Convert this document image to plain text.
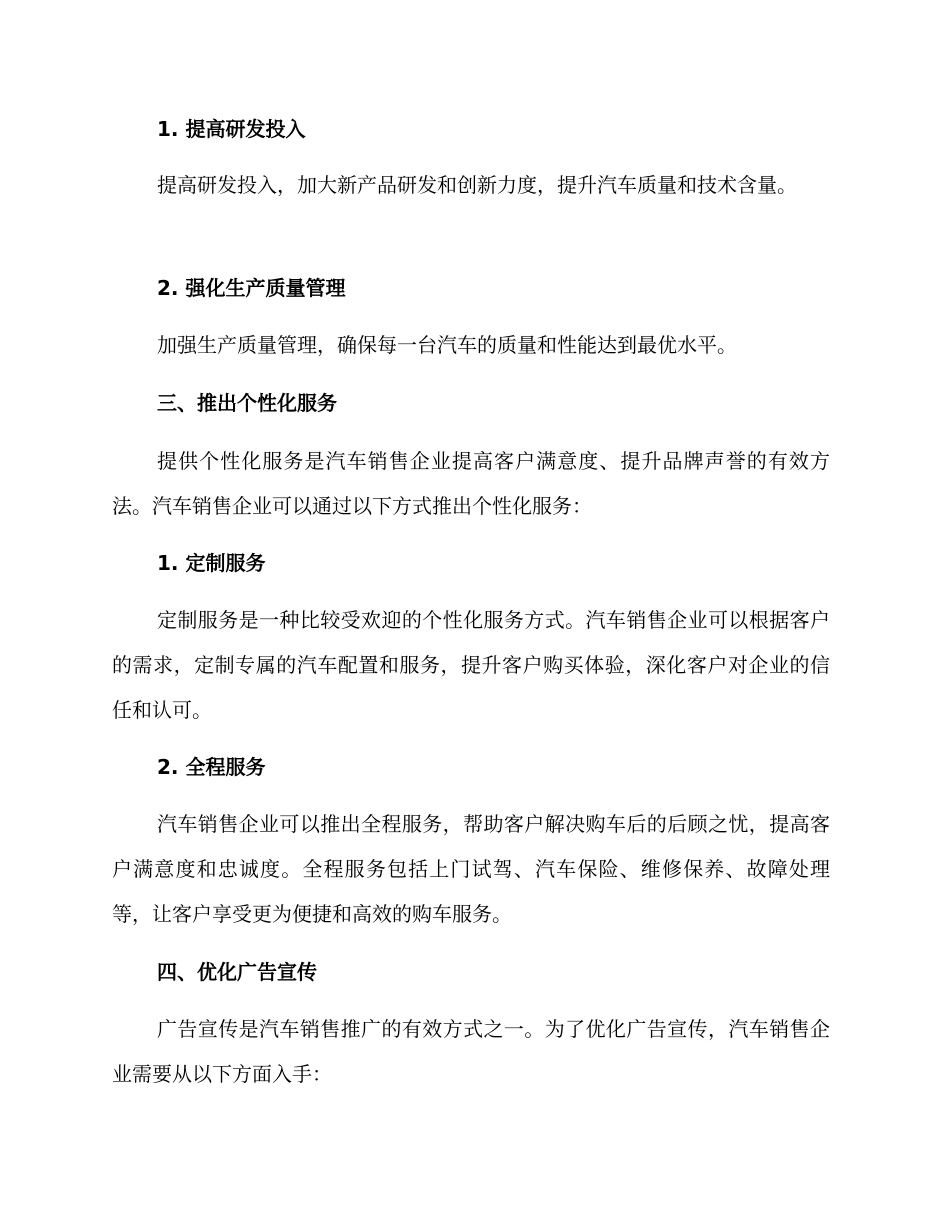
1. 提高研发投入
提高研发投入，加大新产品研发和创新力度，提升汽车质量和技术含量。
2. 强化生产质量管理
加强生产质量管理，确保每一台汽车的质量和性能达到最优水平。
三、推出个性化服务
提供个性化服务是汽车销售企业提高客户满意度、提升品牌声誉的有效方法。汽车销售企业可以通过以下方式推出个性化服务：
1. 定制服务
定制服务是一种比较受欢迎的个性化服务方式。汽车销售企业可以根据客户的需求，定制专属的汽车配置和服务，提升客户购买体验，深化客户对企业的信任和认可。
2. 全程服务
汽车销售企业可以推出全程服务，帮助客户解决购车后的后顾之忧，提高客户满意度和忠诚度。全程服务包括上门试驾、汽车保险、维修保养、故障处理等，让客户享受更为便捷和高效的购车服务。
四、优化广告宣传
广告宣传是汽车销售推广的有效方式之一。为了优化广告宣传，汽车销售企业需要从以下方面入手：
